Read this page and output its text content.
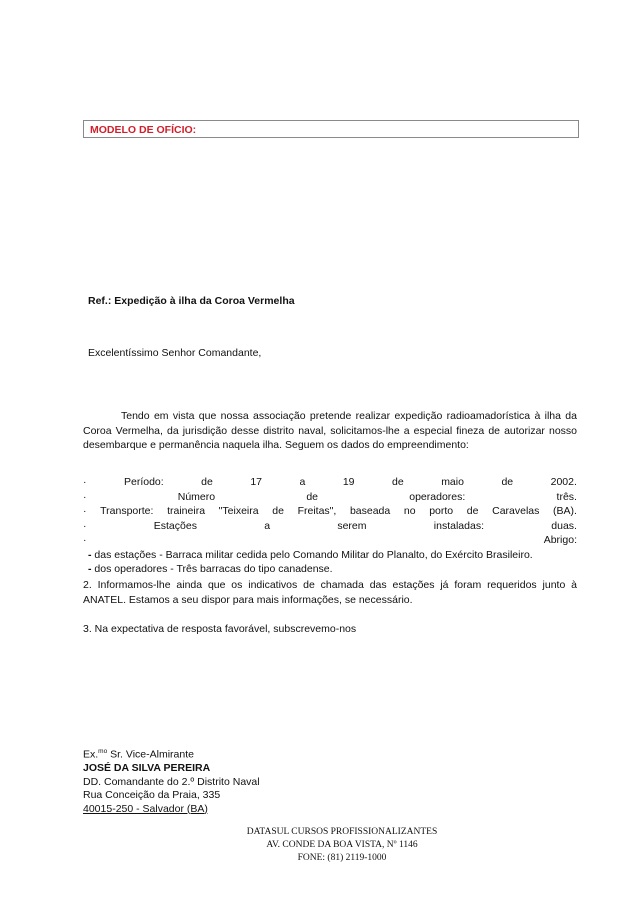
MODELO DE OFÍCIO:
Ref.: Expedição à ilha da Coroa Vermelha
Excelentíssimo Senhor Comandante,
Tendo em vista que nossa associação pretende realizar expedição radioamadorística à ilha da Coroa Vermelha, da jurisdição desse distrito naval, solicitamos-lhe a especial fineza de autorizar nosso desembarque e permanência naquela ilha. Seguem os dados do empreendimento:
·	Período:	de	17	a	19	de	maio	de	2002.
·	Número	de	operadores:	três.
· Transporte: traineira "Teixeira de Freitas", baseada no porto de Caravelas (BA).
·	Estações	a	serem	instaladas:	duas.
·	Abrigo:
- das estações - Barraca militar cedida pelo Comando Militar do Planalto, do Exército Brasileiro.
- dos operadores - Três barracas do tipo canadense.
2. Informamos-lhe ainda que os indicativos de chamada das estações já foram requeridos junto à ANATEL. Estamos a seu dispor para mais informações, se necessário.
3. Na expectativa de resposta favorável, subscrevemo-nos
Ex.$^{mo}$ Sr. Vice-Almirante
JOSÉ DA SILVA PEREIRA
DD. Comandante do 2.º Distrito Naval
Rua Conceição da Praia, 335
40015-250 - Salvador (BA)
DATASUL CURSOS PROFISSIONALIZANTES
AV. CONDE DA BOA VISTA, Nº 1146
FONE: (81) 2119-1000
